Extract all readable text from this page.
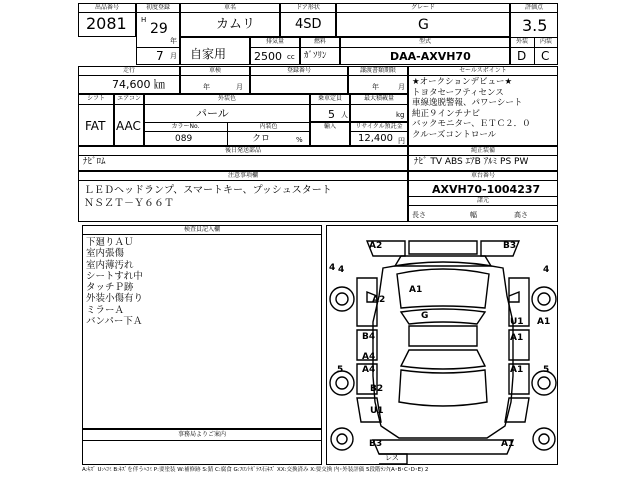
出品番号
2081
初度登録
H
29
年
7 月
車名
カムリ
ドア形状
4SD
グレード
G
評価点
3.5
外装	内装
D C
自家用
排気量
2500 cc
燃料
ｶﾞｿﾘﾝ
型式
DAA-AXVH70
走行
74,600 ㎞
車検
年	月
登録番号	譲渡書類期限
年	月
シフト
FAT
エアコン
AAC
外装色
パール
カラーNo.	内装色
089	クロ	%
乗車定員
5 人
最大積載量
kg
輸入	リサイクル預託金
12,400 円
セールスポイント
★オークションデビュー★
トヨタセーフティセンス
車線逸脱警報、パワーシート
純正９インチナビ
バックモニター、ＥＴＣ２．０
クルーズコントロール
後日発送部品
ﾅﾋﾞﾛﾑ
純正装備
ﾅﾋﾞ TV ABS ｴｱB ｱﾙﾐ PS PW
注意事項欄
ＬＥＤヘッドランプ、スマートキー、プッシュスタート
ＮＳＺＴ－Ｙ６６Ｔ
車台番号
AXVH70-1004237
諸元
長さ	幅	高さ
検査員記入欄
下廻りＡＵ
室内張傷
室内薄汚れ
シートすれ中
タッチＰ跡
外装小傷有り
ミラーＡ
バンパー下Ａ
事務局よりご案内
A2	B3
4 4	4
A1
A2
G
B4
U1
A1
A1
A4
A4	A1
5	5
B2
U1
B3	A1
レス
A:ｷｽﾞ U:ﾍｺﾐ B:ｷｽﾞを伴うﾍｺﾐ P:要塗装 W:補修跡 S:錆 C:腐食 G:ﾌﾛﾝﾄｶﾞﾗｽ石ｷｽﾞ XX:交換済み X:要交換 内･外装評価 5段階ﾗﾝｸ(A･B･C･D･E) 2
